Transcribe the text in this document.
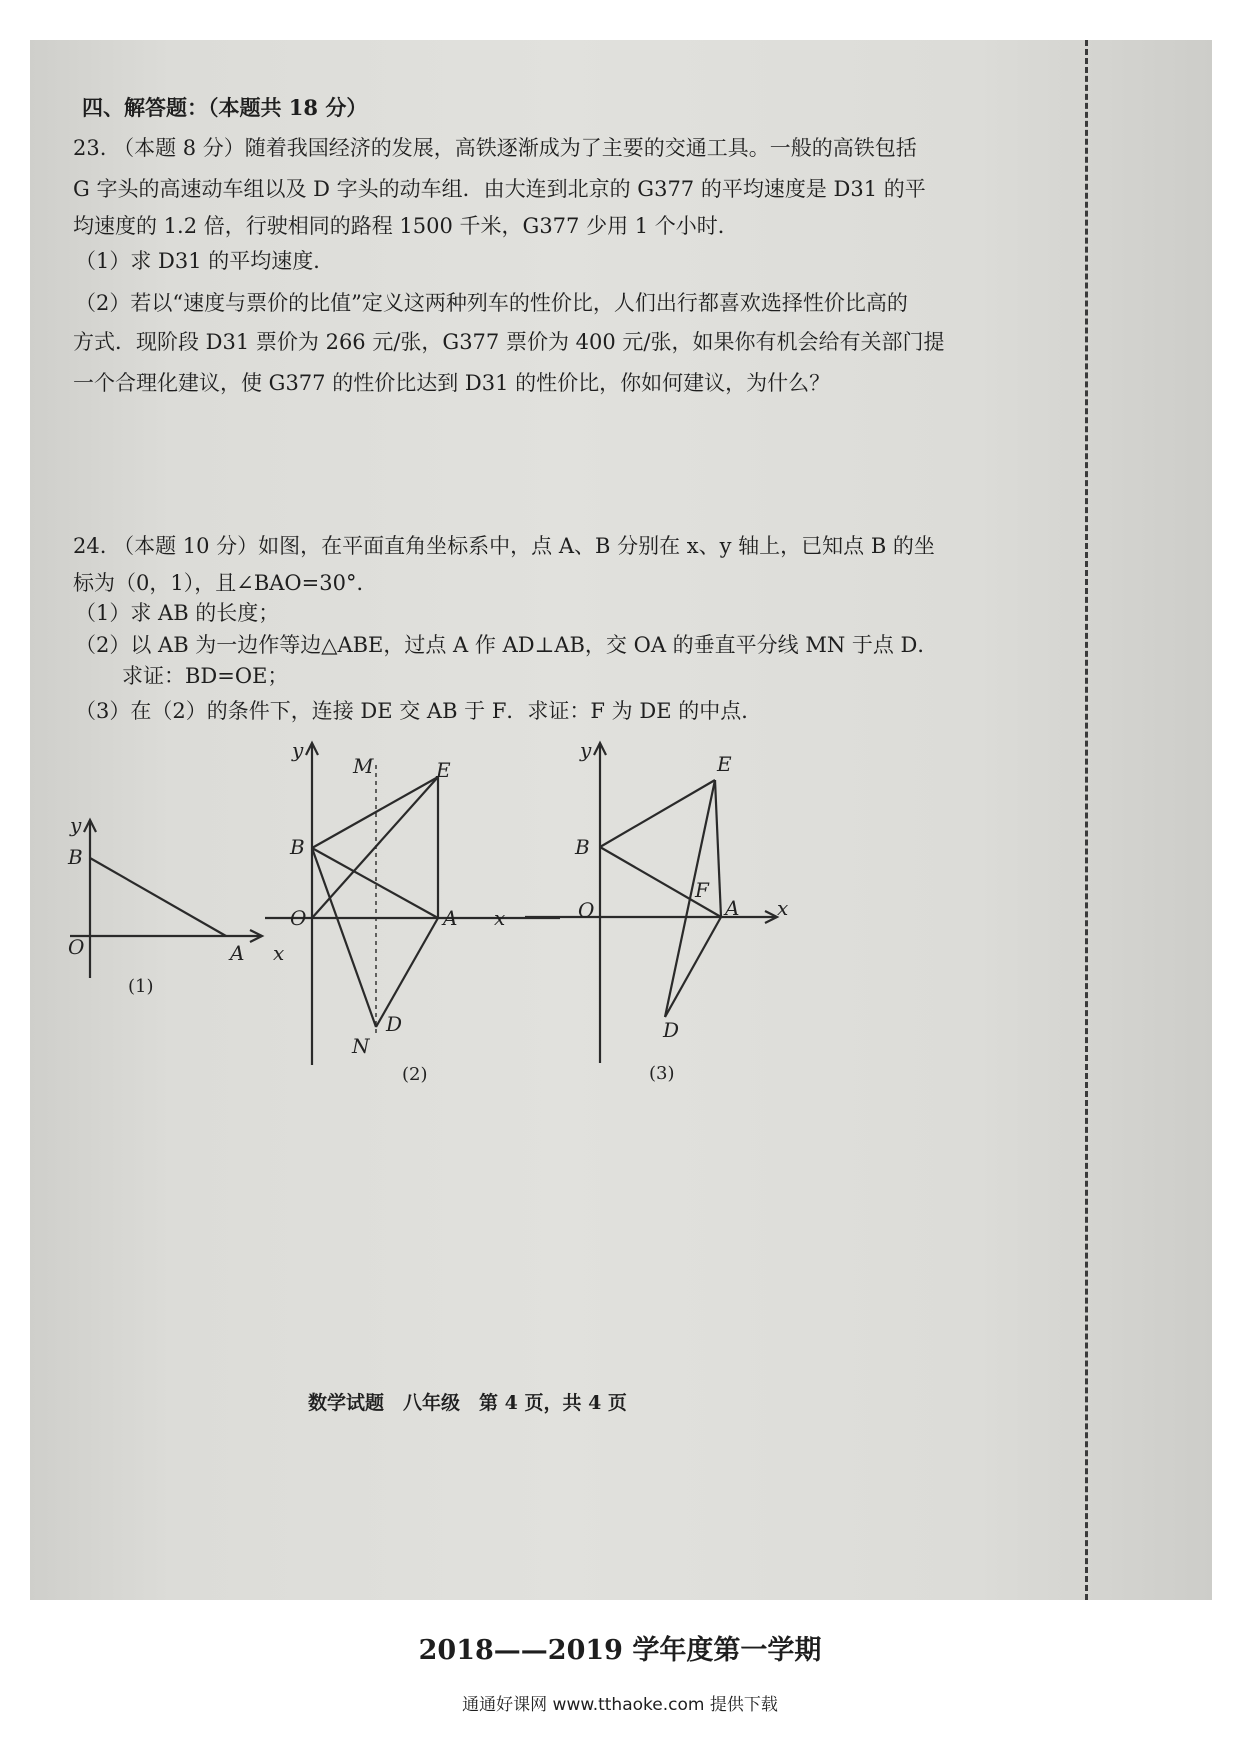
四、解答题：（本题共 18 分）
23. （本题 8 分）随着我国经济的发展，高铁逐渐成为了主要的交通工具。一般的高铁包括
G 字头的高速动车组以及 D 字头的动车组．由大连到北京的 G377 的平均速度是 D31 的平
均速度的 1.2 倍，行驶相同的路程 1500 千米，G377 少用 1 个小时．
（1）求 D31 的平均速度．
（2）若以“速度与票价的比值”定义这两种列车的性价比，人们出行都喜欢选择性价比高的
方式．现阶段 D31 票价为 266 元/张，G377 票价为 400 元/张，如果你有机会给有关部门提
一个合理化建议，使 G377 的性价比达到 D31 的性价比，你如何建议，为什么？
24. （本题 10 分）如图，在平面直角坐标系中，点 A、B 分别在 x、y 轴上，已知点 B 的坐
标为（0，1），且∠BAO=30°．
（1）求 AB 的长度；
（2）以 AB 为一边作等边△ABE，过点 A 作 AD⊥AB，交 OA 的垂直平分线 MN 于点 D．
求证：BD=OE；
（3）在（2）的条件下，连接 DE 交 AB 于 F．求证：F 为 DE 的中点．
y
B
O	A x
(1)
y
M	E
B
O	A x
N
D
(2)
y
E
B
O
F
A x
D
(3)
数学试题　八年级　第 4 页，共 4 页
2018——2019 学年度第一学期
通通好课网 www.tthaoke.com 提供下载
